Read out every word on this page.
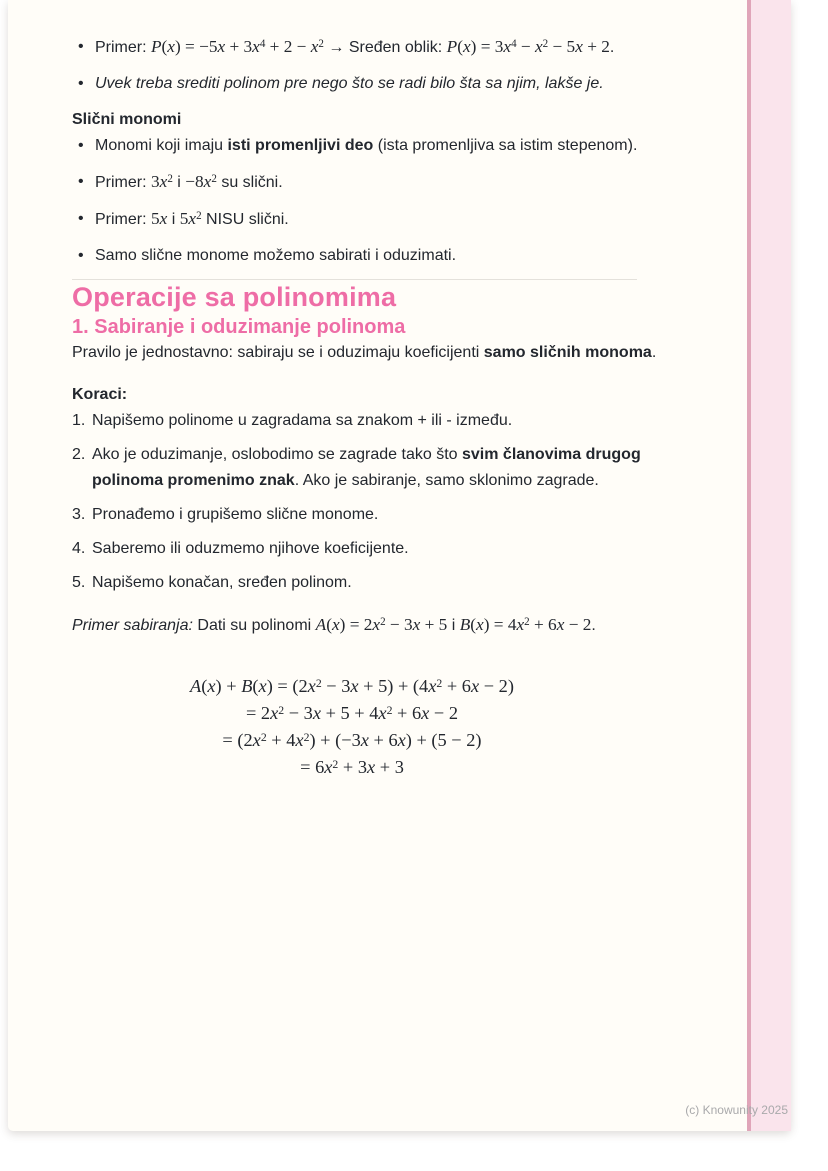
• Primer: $P(x) = -5x + 3x^4 + 2 - x^2$ → Sređen oblik: $P(x) = 3x^4 - x^2 - 5x + 2$.
• Uvek treba srediti polinom pre nego što se radi bilo šta sa njim, lakše je.
Slični monomi
• Monomi koji imaju isti promenljivi deo (ista promenljiva sa istim stepenom).
• Primer: $3x^2$ $i -8x^2$ su slični.
• Primer: 5x i $5x^2$ NISU slični.
• Samo slične monome možemo sabirati i oduzimati.
Operacije sa polinomima
1. Sabiranje i oduzimanje polinoma
Pravilo je jednostavno: sabiraju se i oduzimaju koeficijenti samo sličnih monoma.
Koraci:
1. Napišemo polinome u zagradama sa znakom + ili - između.
2. Ako je oduzimanje, oslobodimo se zagrade tako što svim članovima drugog polinoma promenimo znak. Ako je sabiranje, samo sklonimo zagrade.
3. Pronađemo i grupišemo slične monome.
4. Saberemo ili oduzmemo njihove koeficijente.
5. Napišemo konačan, sređen polinom.
Primer sabiranja: Dati su polinomi $A(x) = 2x^2 - 3x + 5$ i $B(x) = 4x^2 + 6x - 2$.
$A(x) + B(x) = (2x^2 - 3x + 5) + (4x^2 + 6x - 2)$
= $2x^2 - 3x + 5 + 4x^2 + 6x - 2$
= $(2x^2 + 4x^2) + (-3x + 6x) + (5 - 2)$
= $6x^2 + 3x + 3$
(c) Knowunity 2025
